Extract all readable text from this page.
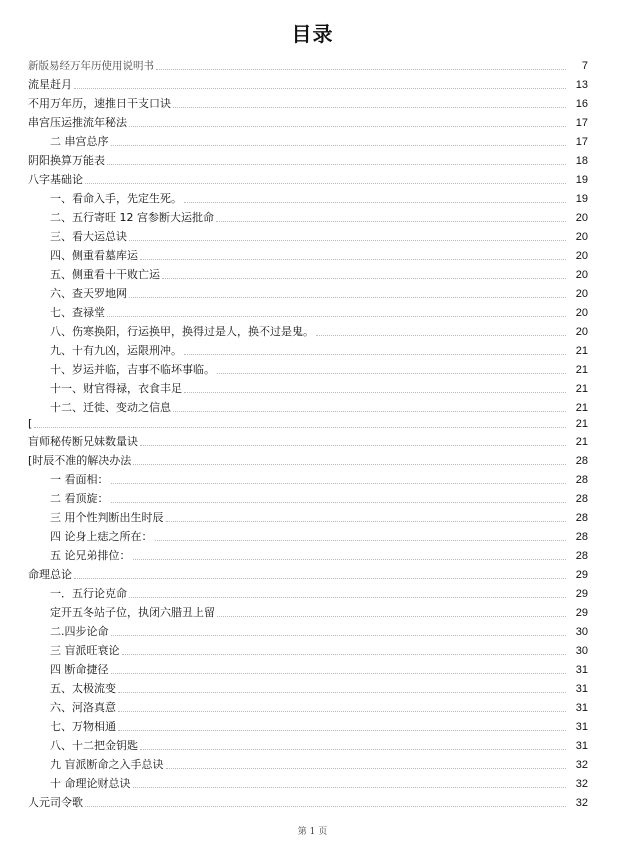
目录
新版易经万年历使用说明书	7
流星赶月	13
不用万年历，速推日干支口诀	16
串宫压运推流年秘法	17
二 串宫总序	17
阴阳换算万能表	18
八字基础论	19
一、看命入手，先定生死。	19
二、五行寄旺 12 宫参断大运批命	20
三、看大运总诀	20
四、侧重看墓库运	20
五、侧重看十干败亡运	20
六、查天罗地网	20
七、查禄堂	20
八、伤寒换阳，行运换甲，换得过是人，换不过是鬼。	20
九、十有九凶，运限刑冲。	21
十、岁运并临，吉事不临坏事临。	21
十一、财官得禄，衣食丰足	21
十二、迁徙、变动之信息	21
[	21
盲师秘传断兄妹数量诀	21
[时辰不准的解决办法	28
一 看面相：	28
二 看顶旋：	28
三 用个性判断出生时辰	28
四 论身上痣之所在：	28
五 论兄弟排位：	28
命理总论	29
一．五行论克命	29
定开五冬站子位，执闭六腊丑上留	29
二.四步论命	30
三 盲派旺衰论	30
四 断命捷径	31
五、太极流变	31
六、河洛真意	31
七、万物相通	31
八、十二把金钥匙	31
九 盲派断命之入手总诀	32
十 命理论财总诀	32
人元司令歌	32
第 1 页
